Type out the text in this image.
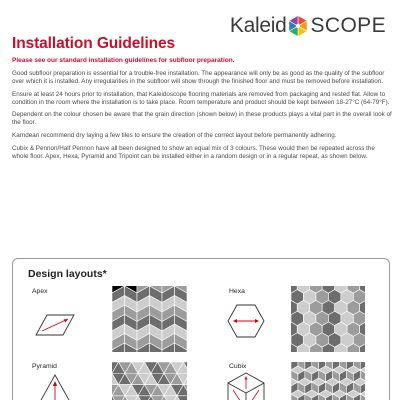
Kaleid SCOPE
Installation Guidelines
Please see our standard installation guidelines for subfloor preparation.

Good subfloor preparation is essential for a trouble-free installation. The appearance will only be as good as the quality of the subfloor over which it is installed. Any irregularities in the subfloor will show through the finished floor and must be removed before installation.

Ensure at least 24 hours prior to installation, that Kaleidoscope flooring materials are removed from packaging and rested flat. Allow to condition in the room where the installation is to take place. Room temperature and product should be kept between 18-27°C (64-79°F).

Dependent on the colour chosen be aware that the grain direction (shown below) in these products plays a vital part in the overall look of the floor.

Karndean recommend dry laying a few tiles to ensure the creation of the correct layout before permanently adhering.

Cubix & Pennon/Half Pennon have all been designed to show an equal mix of 3 colours. These would then be repeated across the whole floor. Apex, Hexa, Pyramid and Tripoint can be installed either in a random design or in a regular repeat, as shown below.

Design layouts*
Apex	Hexa
Pyramid	Cubix
